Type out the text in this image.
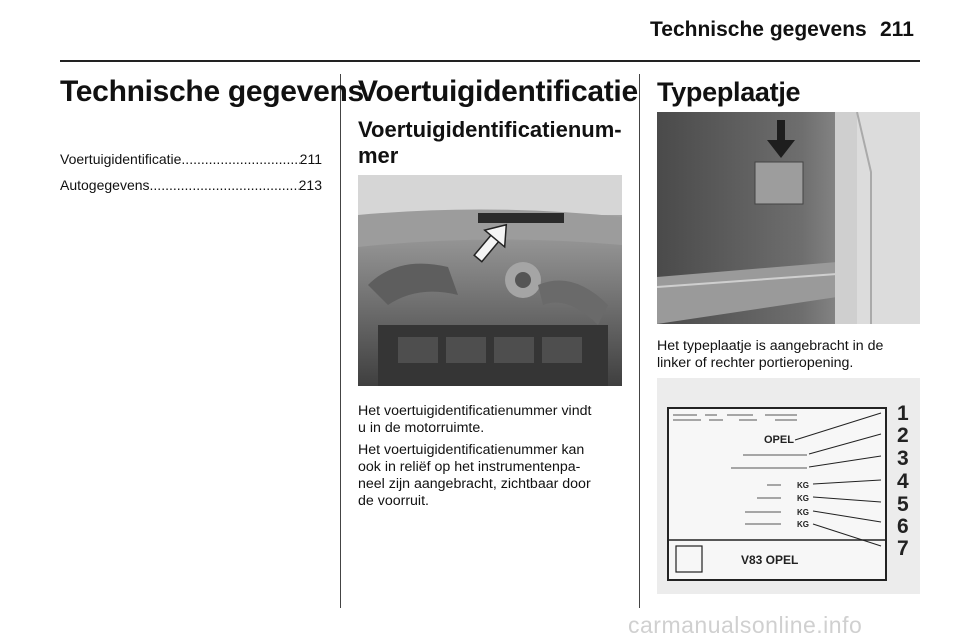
Technische gegevens 211
Technische gegevens
Voertuigidentificatie .....	211
Autogegevens .....	213
Voertuigidentificatie
Voertuigidentificatienum-
mer
Het voertuigidentificatienummer vindt
u in de motorruimte.
Het voertuigidentificatienummer kan
ook in reliëf op het instrumentenpa-
neel zijn aangebracht, zichtbaar door
de voorruit.
Typeplaatje
Het typeplaatje is aangebracht in de
linker of rechter portieropening.
V83 OPEL
OPEL
KG
KG
KG
KG
1
2
3
4
5
6
7
carmanualsonline.info
